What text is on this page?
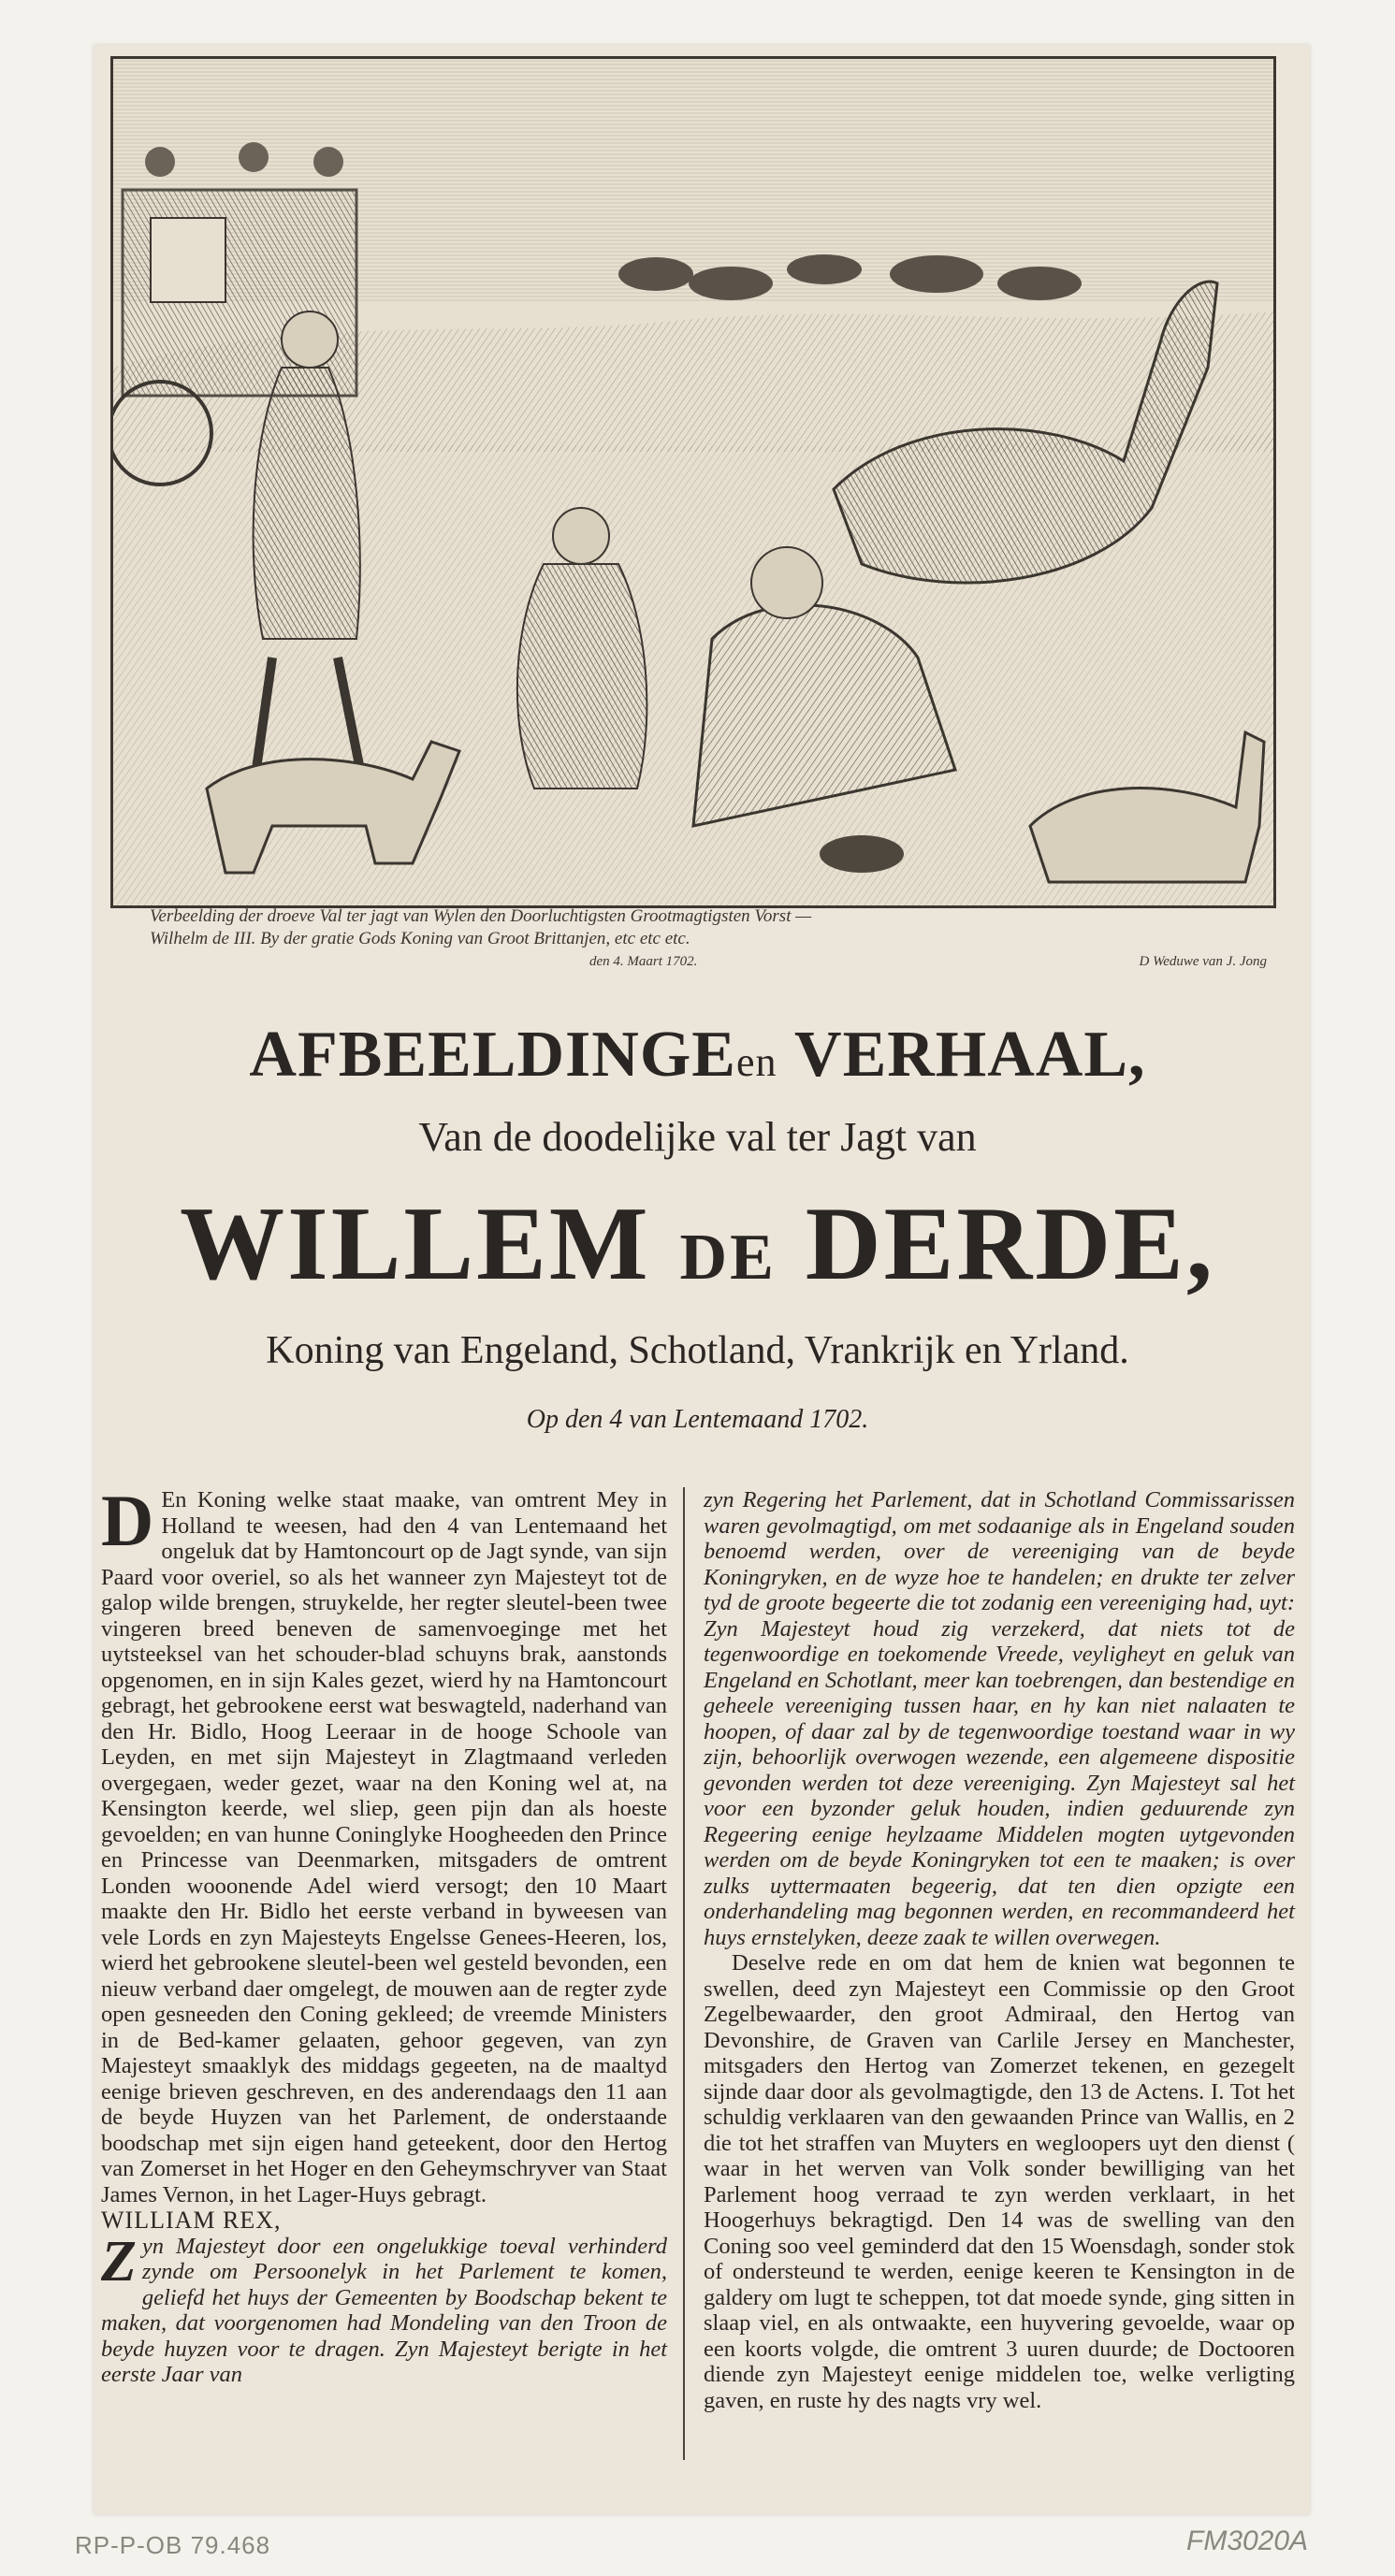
Verbeelding der droeve Val ter jagt van Wylen den Doorluchtigsten Grootmagtigsten Vorst —
Wilhelm de III. By der gratie Gods Koning van Groot Brittanjen, etc etc etc.
den 4. Maart 1702.	D Weduwe van J. Jong
AFBEELDINGEen VERHAAL,
Van de doodelijke val ter Jagt van
WILLEM DE DERDE,
Koning van Engeland, Schotland, Vrankrijk en Yrland.
Op den 4 van Lentemaand 1702.

D En Koning welke staat maake, van omtrent Mey in Holland te weesen, had den 4 van Lentemaand het ongeluk dat by Hamtoncourt op de Jagt synde, van sijn Paard voor overiel, so als het wanneer zyn Majesteyt tot de galop wilde brengen, struykelde, her regter sleutel-been twee vingeren breed beneven de samenvoeginge met het uytsteeksel van het schouder-blad schuyns brak, aanstonds opgenomen, en in sijn Kales gezet, wierd hy na Hamtoncourt gebragt, het gebrookene eerst wat beswagteld, naderhand van den Hr. Bidlo, Hoog Leeraar in de hooge Schoole van Leyden, en met sijn Majesteyt in Zlagtmaand verleden overgegaen, weder gezet, waar na den Koning wel at, na Kensington keerde, wel sliep, geen pijn dan als hoeste gevoelden; en van hunne Coninglyke Hoogheeden den Prince en Princesse van Deenmarken, mitsgaders de omtrent Londen wooonende Adel wierd versogt; den 10 Maart maakte den Hr. Bidlo het eerste verband in byweesen van vele Lords en zyn Majesteyts Engelsse Genees-Heeren, los, wierd het gebrookene sleutel-been wel gesteld bevonden, een nieuw verband daer omgelegt, de mouwen aan de regter zyde open gesneeden den Coning gekleed; de vreemde Ministers in de Bed-kamer gelaaten, gehoor gegeven, van zyn Majesteyt smaaklyk des middags gegeeten, na de maaltyd eenige brieven geschreven, en des anderendaags den 11 aan de beyde Huyzen van het Parlement, de onderstaande boodschap met sijn eigen hand geteekent, door den Hertog van Zomerset in het Hoger en den Geheymschryver van Staat James Vernon, in het Lager-Huys gebragt.

WILLIAM REX,

Zyn Majesteyt door een ongelukkige toeval verhinderd zynde om Persoonelyk in het Parlement te komen, geliefd het huys der Gemeenten by Boodschap bekent te maken, dat voorgenomen had Mondeling van den Troon de beyde huyzen voor te dragen. Zyn Majesteyt berigte in het eerste Jaar van

zyn Regering het Parlement, dat in Schotland Commissarissen waren gevolmagtigd, om met sodaanige als in Engeland souden benoemd werden, over de vereeniging van de beyde Koningryken, en de wyze hoe te handelen; en drukte ter zelver tyd de groote begeerte die tot zodanig een vereeniging had, uyt: Zyn Majesteyt houd zig verzekerd, dat niets tot de tegenwoordige en toekomende Vreede, veyligheyt en geluk van Engeland en Schotlant, meer kan toebrengen, dan bestendige en geheele vereeniging tussen haar, en hy kan niet nalaaten te hoopen, of daar zal by de tegenwoordige toestand waar in wy zijn, behoorlijk overwogen wezende, een algemeene dispositie gevonden werden tot deze vereeniging. Zyn Majesteyt sal het voor een byzonder geluk houden, indien geduurende zyn Regeering eenige heylzaame Middelen mogten uytgevonden werden om de beyde Koningryken tot een te maaken; is over zulks uyttermaaten begeerig, dat ten dien opzigte een onderhandeling mag begonnen werden, en recommandeerd het huys ernstelyken, deeze zaak te willen overwegen.

Deselve rede en om dat hem de knien wat begonnen te swellen, deed zyn Majesteyt een Commissie op den Groot Zegelbewaarder, den groot Admiraal, den Hertog van Devonshire, de Graven van Carlile Jersey en Manchester, mitsgaders den Hertog van Zomerzet tekenen, en gezegelt sijnde daar door als gevolmagtigde, den 13 de Actens. I. Tot het schuldig verklaaren van den gewaanden Prince van Wallis, en 2 die tot het straffen van Muyters en wegloopers uyt den dienst ( waar in het werven van Volk sonder bewilliging van het Parlement hoog verraad te zyn werden verklaart, in het Hoogerhuys bekragtigd. Den 14 was de swelling van den Coning soo veel geminderd dat den 15 Woensdagh, sonder stok of ondersteund te werden, eenige keeren te Kensington in de galdery om lugt te scheppen, tot dat moede synde, ging sitten in slaap viel, en als ontwaakte, een huyvering gevoelde, waar op een koorts volgde, die omtrent 3 uuren duurde; de Doctooren diende zyn Majesteyt eenige middelen toe, welke verligting gaven, en ruste hy des nagts vry wel.

RP-P-OB 79.468	FM3020A
